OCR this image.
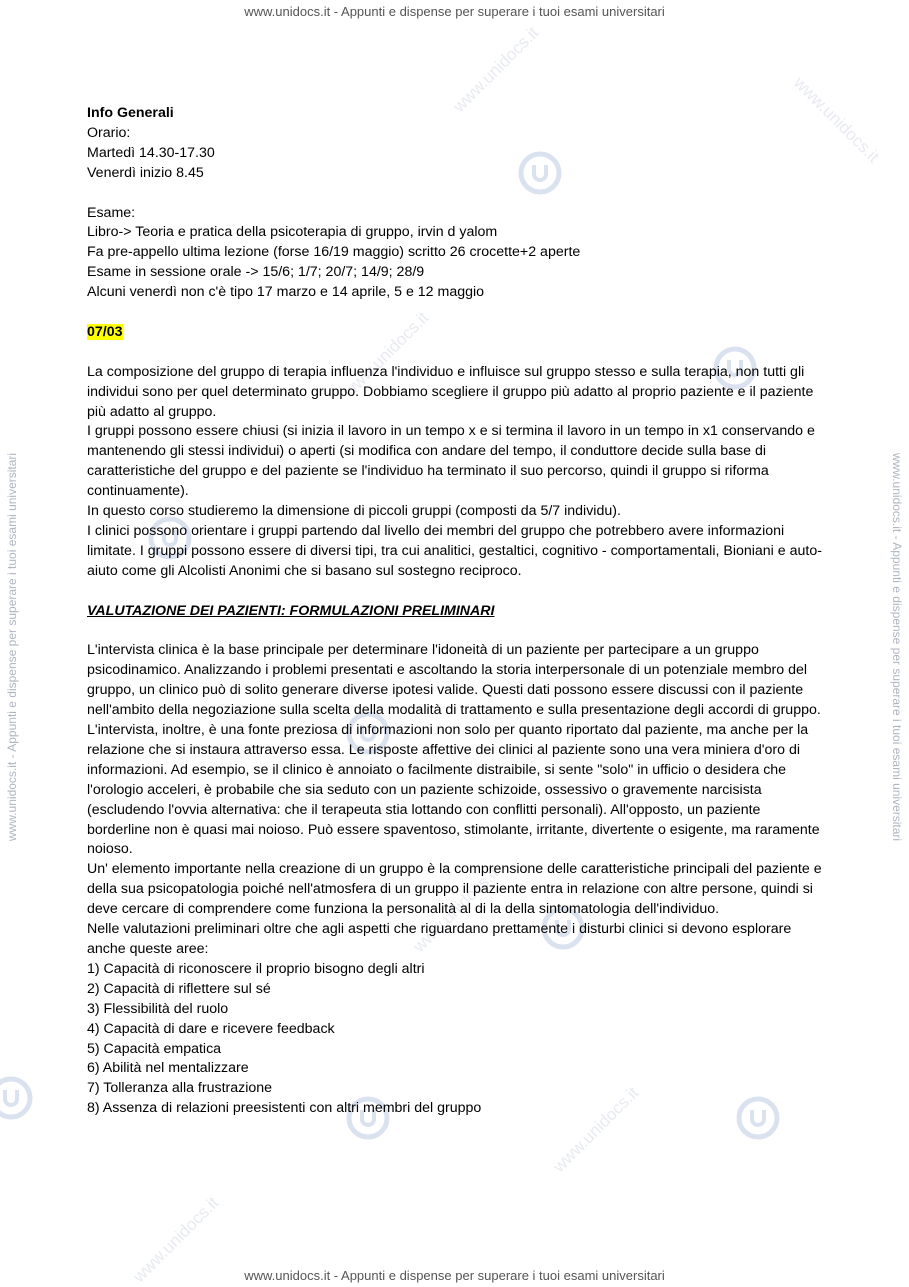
www.unidocs.it - Appunti e dispense per superare i tuoi esami universitari
www.unidocs.it - Appunti e dispense per superare i tuoi esami universitari
www.unidocs.it - Appunti e dispense per superare i tuoi esami universitari	www.unidocs.it - Appunti e dispense per superare i tuoi esami universitari
www.unidocs.it
www.unidocs.it
www.unidocs.it
www.unidocs.it
www.unidocs.it
www.unidocs.it

Info Generali

Orario:

Martedì 14.30-17.30

Venerdì inizio 8.45

Esame:

Libro-> Teoria e pratica della psicoterapia di gruppo, irvin d yalom

Fa pre-appello ultima lezione (forse 16/19 maggio) scritto 26 crocette+2 aperte

Esame in sessione orale -> 15/6; 1/7; 20/7; 14/9; 28/9

Alcuni venerdì non c'è tipo 17 marzo e 14 aprile, 5 e 12 maggio

07/03

La composizione del gruppo di terapia influenza l'individuo e influisce sul gruppo stesso e sulla terapia, non tutti gli individui sono per quel determinato gruppo. Dobbiamo scegliere il gruppo più adatto al proprio paziente e il paziente più adatto al gruppo.

I gruppi possono essere chiusi (si inizia il lavoro in un tempo x e si termina il lavoro in un tempo in x1 conservando e mantenendo gli stessi individui) o aperti (si modifica con andare del tempo, il conduttore decide sulla base di caratteristiche del gruppo e del paziente se l'individuo ha terminato il suo percorso, quindi il gruppo si riforma continuamente).

In questo corso studieremo la dimensione di piccoli gruppi (composti da 5/7 individu).

I clinici possono orientare i gruppi partendo dal livello dei membri del gruppo che potrebbero avere informazioni limitate. I gruppi possono essere di diversi tipi, tra cui analitici, gestaltici, cognitivo - comportamentali, Bioniani e auto-aiuto come gli Alcolisti Anonimi che si basano sul sostegno reciproco.

VALUTAZIONE DEI PAZIENTI: FORMULAZIONI PRELIMINARI

L'intervista clinica è la base principale per determinare l'idoneità di un paziente per partecipare a un gruppo psicodinamico. Analizzando i problemi presentati e ascoltando la storia interpersonale di un potenziale membro del gruppo, un clinico può di solito generare diverse ipotesi valide. Questi dati possono essere discussi con il paziente nell'ambito della negoziazione sulla scelta della modalità di trattamento e sulla presentazione degli accordi di gruppo. L'intervista, inoltre, è una fonte preziosa di informazioni non solo per quanto riportato dal paziente, ma anche per la relazione che si instaura attraverso essa. Le risposte affettive dei clinici al paziente sono una vera miniera d'oro di informazioni. Ad esempio, se il clinico è annoiato o facilmente distraibile, si sente "solo" in ufficio o desidera che l'orologio acceleri, è probabile che sia seduto con un paziente schizoide, ossessivo o gravemente narcisista (escludendo l'ovvia alternativa: che il terapeuta stia lottando con conflitti personali). All'opposto, un paziente borderline non è quasi mai noioso. Può essere spaventoso, stimolante, irritante, divertente o esigente, ma raramente noioso.

Un' elemento importante nella creazione di un gruppo è la comprensione delle caratteristiche principali del paziente e della sua psicopatologia poiché nell'atmosfera di un gruppo il paziente entra in relazione con altre persone, quindi si deve cercare di comprendere come funziona la personalità al di la della sintomatologia dell'individuo.

Nelle valutazioni preliminari oltre che agli aspetti che riguardano prettamente i disturbi clinici si devono esplorare anche queste aree:

1) Capacità di riconoscere il proprio bisogno degli altri

2) Capacità di riflettere sul sé

3) Flessibilità del ruolo

4) Capacità di dare e ricevere feedback

5) Capacità empatica

6) Abilità nel mentalizzare

7) Tolleranza alla frustrazione

8) Assenza di relazioni preesistenti con altri membri del gruppo
